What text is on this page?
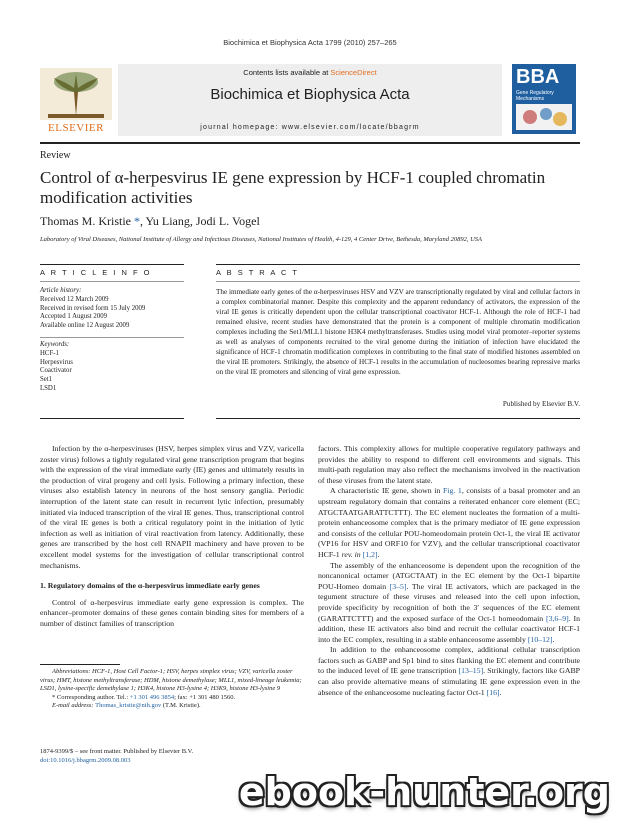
Biochimica et Biophysica Acta 1799 (2010) 257–265
Contents lists available at ScienceDirect
Biochimica et Biophysica Acta
journal homepage: www.elsevier.com/locate/bbagrm
ELSEVIER
BBA
Gene Regulatory Mechanisms
Review
Control of α-herpesvirus IE gene expression by HCF-1 coupled chromatin modification activities
Thomas M. Kristie *, Yu Liang, Jodi L. Vogel
Laboratory of Viral Diseases, National Institute of Allergy and Infectious Diseases, National Institutes of Health, 4-129, 4 Center Drive, Bethesda, Maryland 20892, USA
A R T I C L E I N F O
Article history:
Received 12 March 2009
Received in revised form 15 July 2009
Accepted 1 August 2009
Available online 12 August 2009
Keywords:
HCF-1
Herpesvirus
Coactivator
Set1
LSD1
A B S T R A C T
The immediate early genes of the α-herpesviruses HSV and VZV are transcriptionally regulated by viral and cellular factors in a complex combinatorial manner. Despite this complexity and the apparent redundancy of activators, the expression of the viral IE genes is critically dependent upon the cellular transcriptional coactivator HCF-1. Although the role of HCF-1 had remained elusive, recent studies have demonstrated that the protein is a component of multiple chromatin modification complexes including the Set1/MLL1 histone H3K4 methyltransferases. Studies using model viral promoter–reporter systems as well as analyses of components recruited to the viral genome during the initiation of infection have elucidated the significance of HCF-1 chromatin modification complexes in contributing to the final state of modified histones assembled on the viral IE promoters. Strikingly, the absence of HCF-1 results in the accumulation of nucleosomes bearing repressive marks on the viral IE promoters and silencing of viral gene expression.
Published by Elsevier B.V.

Infection by the α-herpesviruses (HSV, herpes simplex virus and VZV, varicella zoster virus) follows a tightly regulated viral gene transcription program that begins with the expression of the viral immediate early (IE) genes and ultimately results in the production of viral progeny and cell lysis. Following a primary infection, these viruses also establish latency in neurons of the host sensory ganglia. Periodic interruption of the latent state can result in recurrent lytic infection, presumably initiated via induced transcription of the viral IE genes. Thus, transcriptional control of the viral IE genes is both a critical regulatory point in the initiation of lytic infection as well as initiation of viral reactivation from latency. Additionally, these genes are transcribed by the host cell RNAPII machinery and have proven to be excellent model systems for the investigation of cellular transcriptional control mechanisms.

1. Regulatory domains of the α-herpesvirus immediate early genes

Control of α-herpesvirus immediate early gene expression is complex. The enhancer–promoter domains of these genes contain binding sites for members of a number of distinct families of transcription

factors. This complexity allows for multiple cooperative regulatory pathways and provides the ability to respond to different cell environments and signals. This multi-path regulation may also reflect the mechanisms involved in the reactivation of these viruses from the latent state.

A characteristic IE gene, shown in Fig. 1, consists of a basal promoter and an upstream regulatory domain that contains a reiterated enhancer core element (EC; ATGCTAATGARATTCTTT). The EC element nucleates the formation of a multi-protein enhanceosome complex that is the primary mediator of IE gene expression and consists of the cellular POU-homeodomain protein Oct-1, the viral IE activator (VP16 for HSV and ORF10 for VZV), and the cellular transcriptional coactivator HCF-1 rev. in [1,2].

The assembly of the enhanceosome is dependent upon the recognition of the noncanonical octamer (ATGCTAAT) in the EC element by the Oct-1 bipartite POU-Homeo domain [3–5]. The viral IE activators, which are packaged in the tegument structure of these viruses and released into the cell upon infection, provide specificity by recognition of both the 3′ sequences of the EC element (GARATTCTTT) and the exposed surface of the Oct-1 homeodomain [3,6–9]. In addition, these IE activators also bind and recruit the cellular coactivator HCF-1 into the EC complex, resulting in a stable enhanceosome assembly [10–12].

In addition to the enhanceosome complex, additional cellular transcription factors such as GABP and Sp1 bind to sites flanking the EC element and contribute to the induced level of IE gene transcription [13–15]. Strikingly, factors like GABP can also provide alternative means of stimulating IE gene expression even in the absence of the enhanceosome nucleating factor Oct-1 [16].

Abbreviations: HCF-1, Host Cell Factor-1; HSV, herpes simplex virus; VZV, varicella zoster virus; HMT, histone methyltransferase; HDM, histone demethylase; MLL1, mixed-lineage leukemia; LSD1, lysine-specific demethylase 1; H3K4, histone H3-lysine 4; H3K9, histone H3-lysine 9
* Corresponding author. Tel.: +1 301 496 3854; fax: +1 301 480 1560.
E-mail address: Thomas_kristie@nih.gov (T.M. Kristie).
1874-9399/$ – see front matter. Published by Elsevier B.V.
doi:10.1016/j.bbagrm.2009.08.003
ebook-hunter.org
